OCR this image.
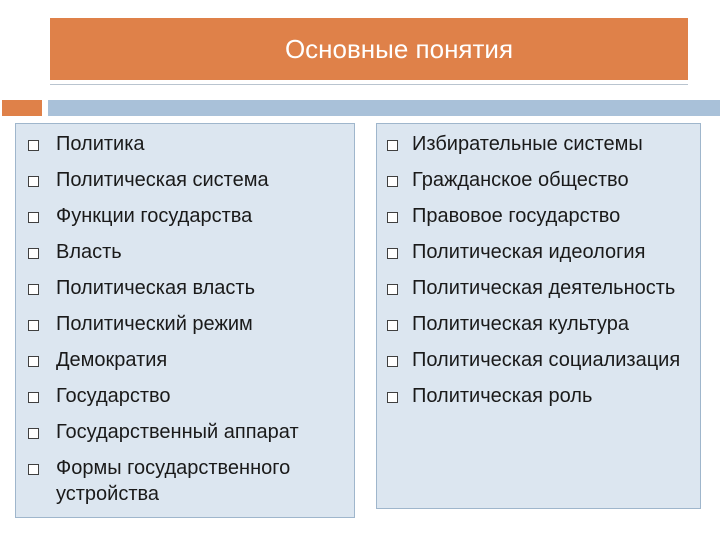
Основные понятия
Политика
Политическая система
Функции государства
Власть
Политическая власть
Политический режим
Демократия
Государство
Государственный аппарат
Формы государственного устройства
Избирательные системы
Гражданское общество
Правовое государство
Политическая идеология
Политическая деятельность
Политическая культура
Политическая социализация
Политическая роль
